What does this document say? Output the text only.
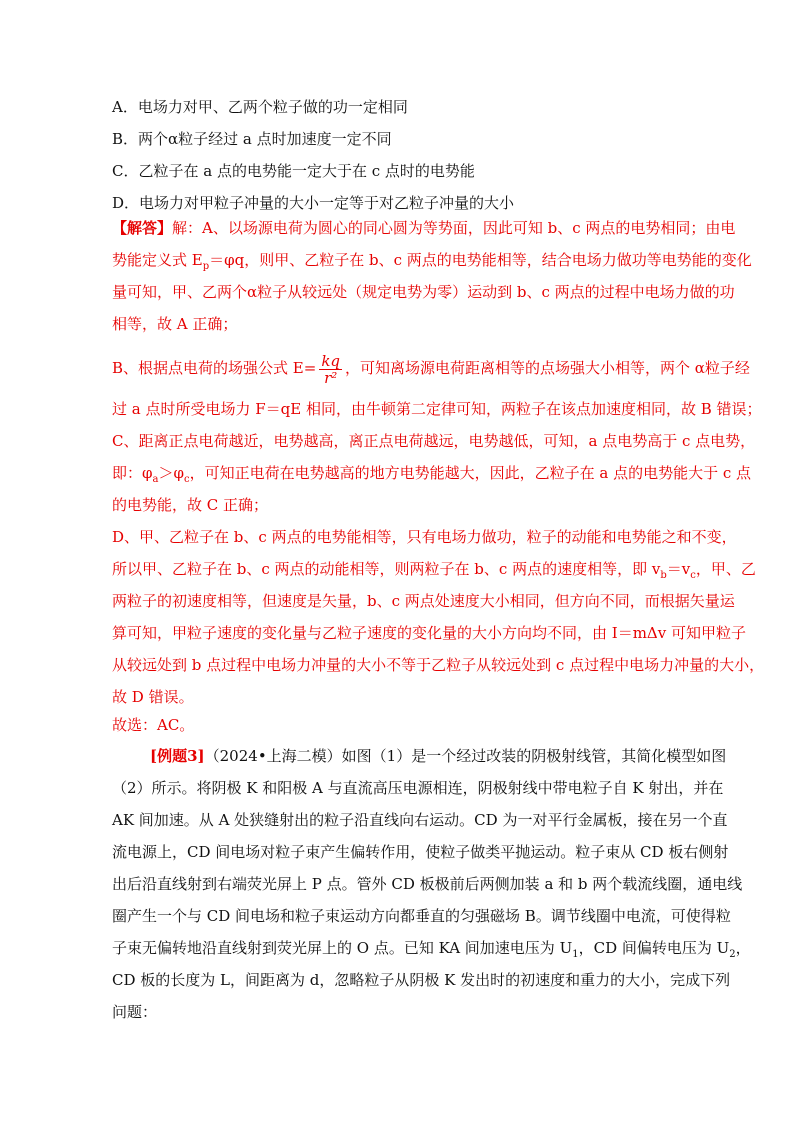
A．电场力对甲、乙两个粒子做的功一定相同
B．两个α粒子经过 a 点时加速度一定不同
C．乙粒子在 a 点的电势能一定大于在 c 点时的电势能
D．电场力对甲粒子冲量的大小一定等于对乙粒子冲量的大小
【解答】解：A、以场源电荷为圆心的同心圆为等势面，因此可知 b、c 两点的电势相同；由电
势能定义式 $E_p=\varphi q$，则甲、乙粒子在 b、c 两点的电势能相等，结合电场力做功等电势能的变化
量可知，甲、乙两个α粒子从较远处（规定电势为零）运动到 b、c 两点的过程中电场力做的功
相等，故 A 正确；
B、根据点电荷的场强公式 $E= \frac{kq}{\text{r²}}$ ，可知离场源电荷距离相等的点场强大小相等，两个 α粒子经
过 a 点时所受电场力 F＝qE 相同，由牛顿第二定律可知，两粒子在该点加速度相同，故 B 错误；
C、距离正点电荷越近，电势越高，离正点电荷越远，电势越低，可知，a 点电势高于 c 点电势，
即：$\varphi_a>\varphi_c$，可知正电荷在电势越高的地方电势能越大，因此，乙粒子在 a 点的电势能大于 c 点
的电势能，故 C 正确；
D、甲、乙粒子在 b、c 两点的电势能相等，只有电场力做功，粒子的动能和电势能之和不变，
所以甲、乙粒子在 b、c 两点的动能相等，则两粒子在 b、c 两点的速度相等，即 $v_b=v_c$，甲、乙
两粒子的初速度相等，但速度是矢量，b、c 两点处速度大小相同，但方向不同，而根据矢量运
算可知，甲粒子速度的变化量与乙粒子速度的变化量的大小方向均不同，由 I＝mΔv 可知甲粒子
从较远处到 b 点过程中电场力冲量的大小不等于乙粒子从较远处到 c 点过程中电场力冲量的大小，
故 D 错误。
故选：AC。
[例题3]（2024•上海二模）如图（1）是一个经过改装的阴极射线管，其简化模型如图
（2）所示。将阴极 K 和阳极 A 与直流高压电源相连，阴极射线中带电粒子自 K 射出，并在
AK 间加速。从 A 处狭缝射出的粒子沿直线向右运动。CD 为一对平行金属板，接在另一个直
流电源上，CD 间电场对粒子束产生偏转作用，使粒子做类平抛运动。粒子束从 CD 板右侧射
出后沿直线射到右端荧光屏上 P 点。管外 CD 板极前后两侧加装 a 和 b 两个载流线圈，通电线
圈产生一个与 CD 间电场和粒子束运动方向都垂直的匀强磁场 B。调节线圈中电流，可使得粒
子束无偏转地沿直线射到荧光屏上的 O 点。已知 KA 间加速电压为 $U_1$，CD 间偏转电压为 $U_2$，
CD 板的长度为 L，间距离为 d，忽略粒子从阴极 K 发出时的初速度和重力的大小，完成下列
问题：
